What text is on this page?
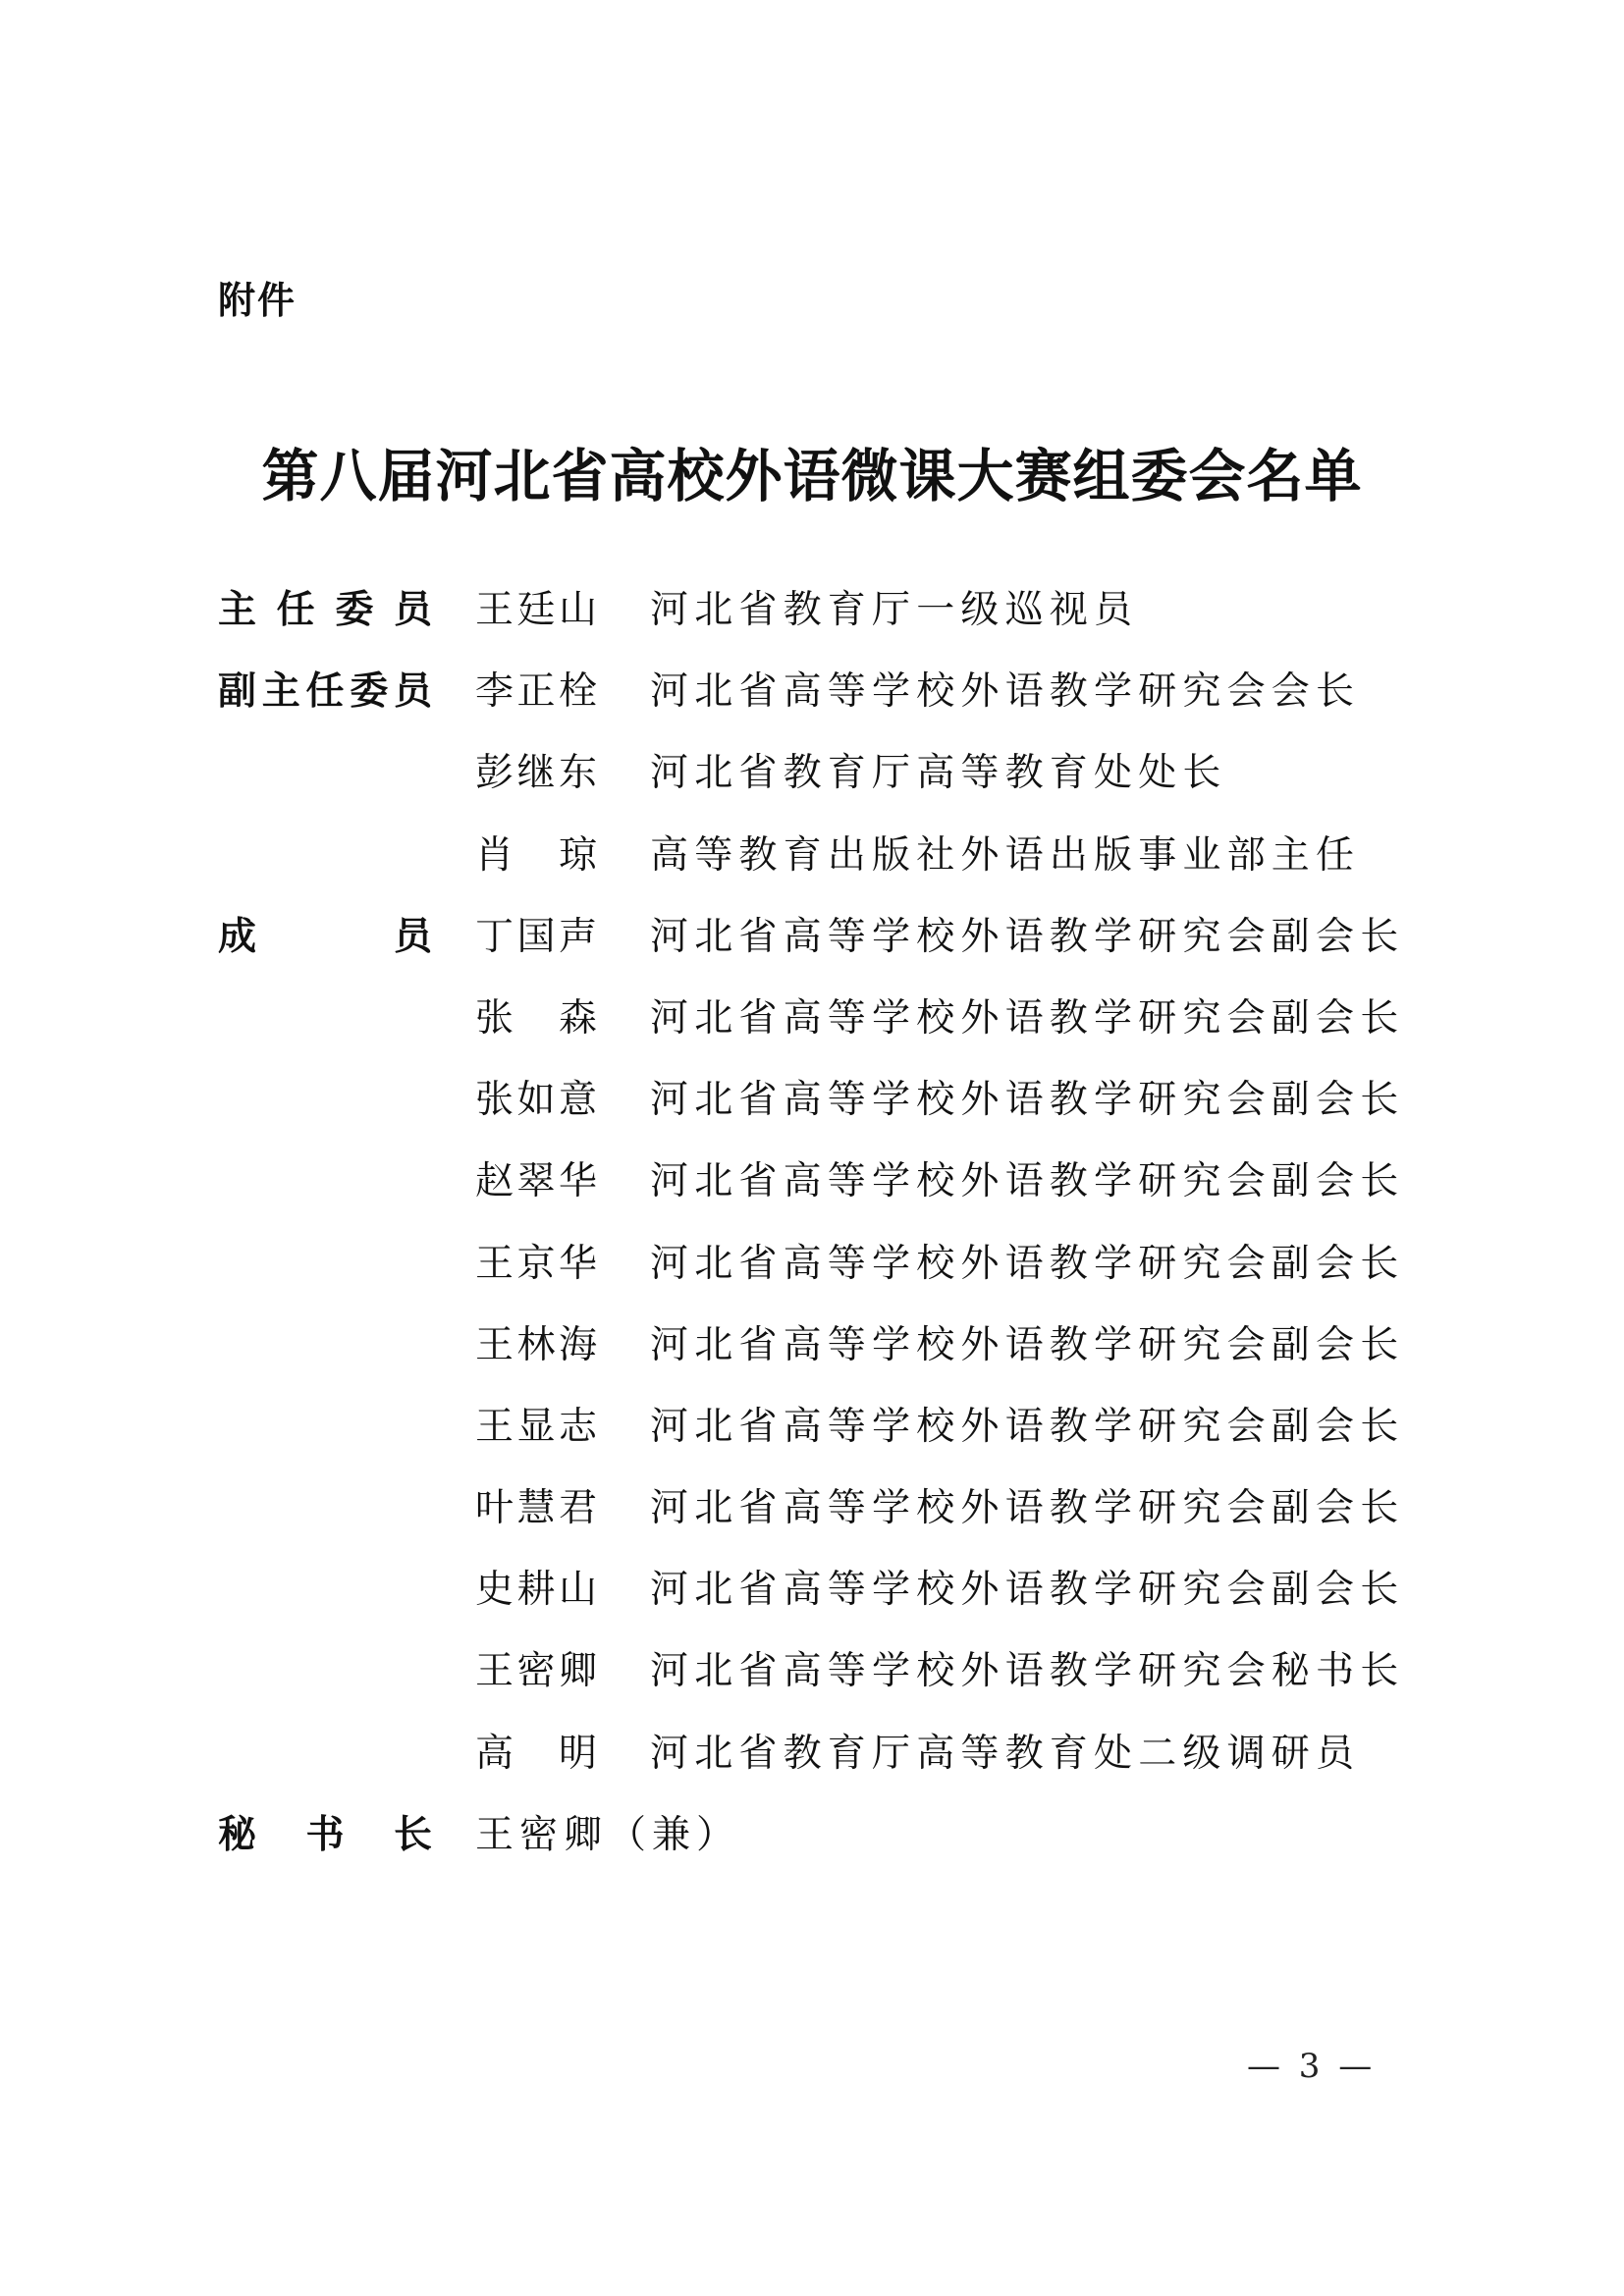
附件
第八届河北省高校外语微课大赛组委会名单
主任委员 王廷山 河北省教育厅一级巡视员
副主任委员 李正栓 河北省高等学校外语教学研究会会长
彭继东 河北省教育厅高等教育处处长
肖琼 高等教育出版社外语出版事业部主任
成员 丁国声 河北省高等学校外语教学研究会副会长
张森 河北省高等学校外语教学研究会副会长
张如意 河北省高等学校外语教学研究会副会长
赵翠华 河北省高等学校外语教学研究会副会长
王京华 河北省高等学校外语教学研究会副会长
王林海 河北省高等学校外语教学研究会副会长
王显志 河北省高等学校外语教学研究会副会长
叶慧君 河北省高等学校外语教学研究会副会长
史耕山 河北省高等学校外语教学研究会副会长
王密卿 河北省高等学校外语教学研究会秘书长
高明 河北省教育厅高等教育处二级调研员
秘书长 王密卿（兼）
— 3 —
